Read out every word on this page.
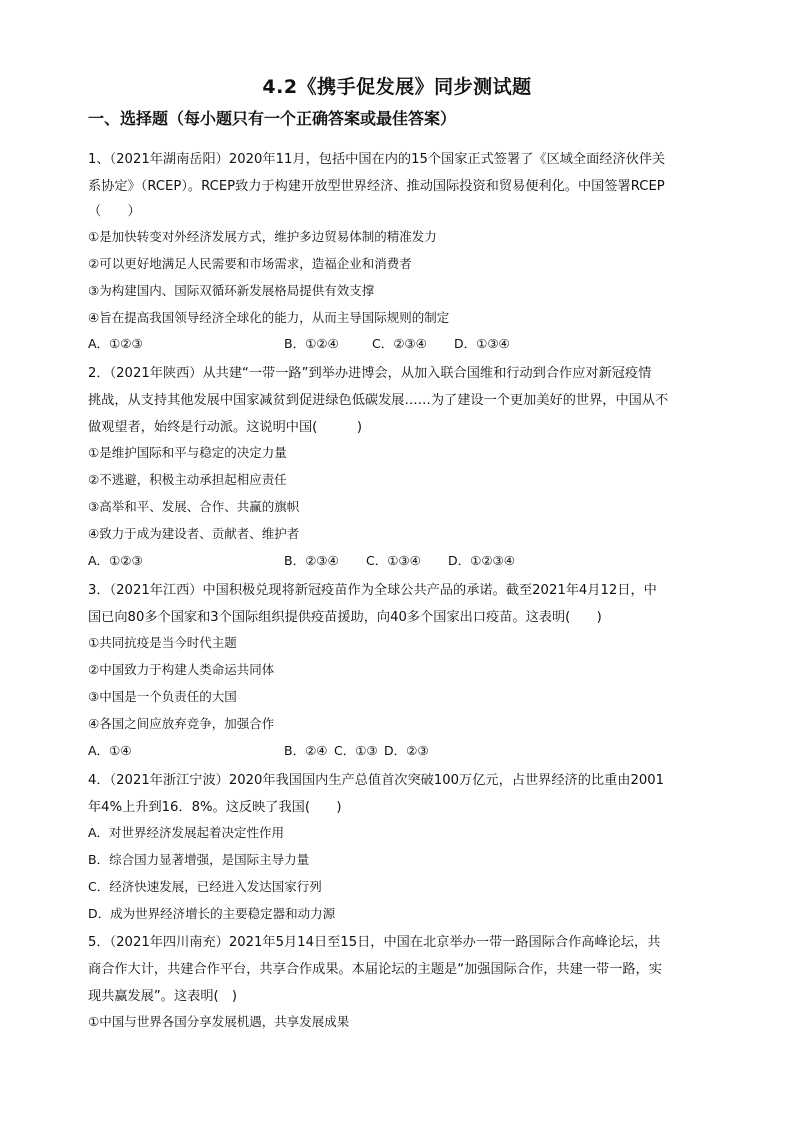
4.2《携手促发展》同步测试题
一、选择题（每小题只有一个正确答案或最佳答案）
1、（2021年湖南岳阳）2020年11月，包括中国在内的15个国家正式签署了《区域全面经济伙伴关
系协定》（RCEP）。RCEP致力于构建开放型世界经济、推动国际投资和贸易便利化。中国签署RCEP
（　　）
①是加快转变对外经济发展方式，维护多边贸易体制的精准发力
②可以更好地满足人民需要和市场需求，造福企业和消费者
③为构建国内、国际双循环新发展格局提供有效支撑
④旨在提高我国领导经济全球化的能力，从而主导国际规则的制定
A．①②③	B．①②④	C．②③④ D．①③④
2．（2021年陕西）从共建“一带一路”到举办进博会，从加入联合国维和行动到合作应对新冠疫情
挑战，从支持其他发展中国家减贫到促进绿色低碳发展……为了建设一个更加美好的世界，中国从不
做观望者，始终是行动派。这说明中国(　　　)
①是维护国际和平与稳定的决定力量
②不逃避，积极主动承担起相应责任
③高举和平、发展、合作、共赢的旗帜
④致力于成为建设者、贡献者、维护者
A．①②③	B．②③④ C．①③④ D．①②③④
3．（2021年江西）中国积极兑现将新冠疫苗作为全球公共产品的承诺。截至2021年4月12日，中
国已向80多个国家和3个国际组织提供疫苗援助，向40多个国家出口疫苗。这表明(　　)
①共同抗疫是当今时代主题
②中国致力于构建人类命运共同体
③中国是一个负责任的大国
④各国之间应放弃竞争，加强合作
A．①④	B．②④ C．①③ D．②③
4．（2021年浙江宁波）2020年我国国内生产总值首次突破100万亿元，占世界经济的比重由2001
年4%上升到16．8%。这反映了我国(　　)
A．对世界经济发展起着决定性作用
B．综合国力显著增强，是国际主导力量
C．经济快速发展，已经进入发达国家行列
D．成为世界经济增长的主要稳定器和动力源
5．（2021年四川南充）2021年5月14日至15日，中国在北京举办一带一路国际合作高峰论坛，共
商合作大计，共建合作平台，共享合作成果。本届论坛的主题是“加强国际合作，共建一带一路，实
现共赢发展”。这表明(　)
①中国与世界各国分享发展机遇，共享发展成果
